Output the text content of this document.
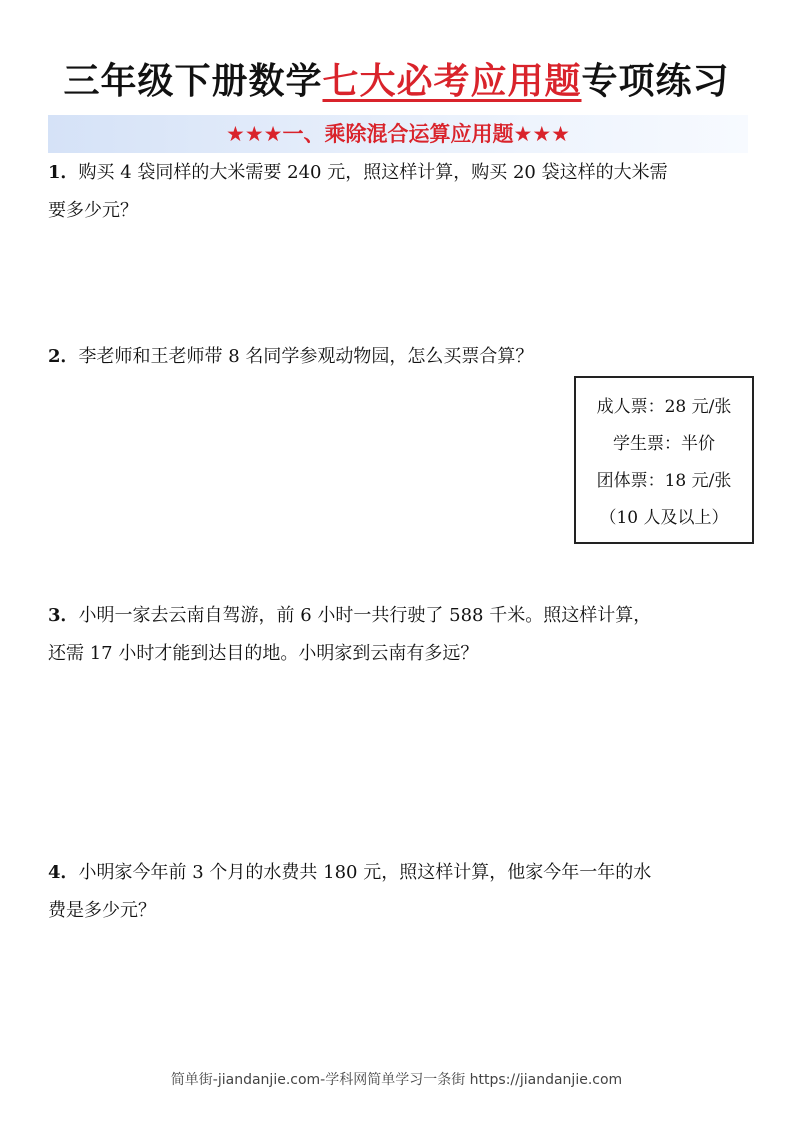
三年级下册数学七大必考应用题专项练习
★★★一、乘除混合运算应用题★★★
1．购买 4 袋同样的大米需要 240 元，照这样计算，购买 20 袋这样的大米需
要多少元？
2．李老师和王老师带 8 名同学参观动物园，怎么买票合算？
成人票：28 元/张
学生票：半价
团体票：18 元/张
（10 人及以上）
3．小明一家去云南自驾游，前 6 小时一共行驶了 588 千米。照这样计算，
还需 17 小时才能到达目的地。小明家到云南有多远？
4．小明家今年前 3 个月的水费共 180 元，照这样计算，他家今年一年的水
费是多少元？
简单街-jiandanjie.com-学科网简单学习一条街 https://jiandanjie.com
